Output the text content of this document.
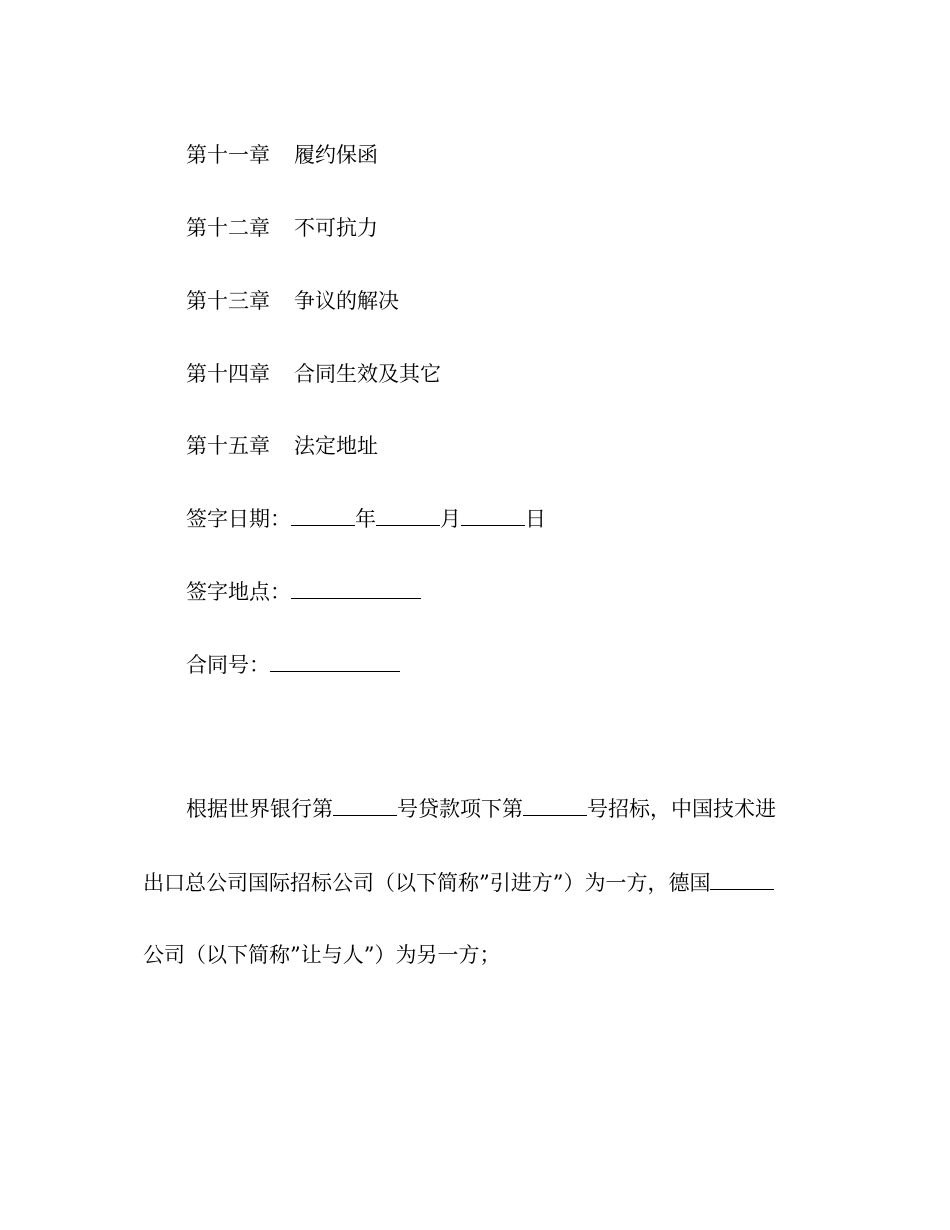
第十一章 履约保函
第十二章 不可抗力
第十三章 争议的解决
第十四章 合同生效及其它
第十五章 法定地址
签字日期：	年	月	日
签字地点：
合同号：
根据世界银行第	号贷款项下第	号招标，中国技术进
出口总公司国际招标公司（以下简称”引进方”）为一方，德国
公司（以下简称”让与人”）为另一方；
